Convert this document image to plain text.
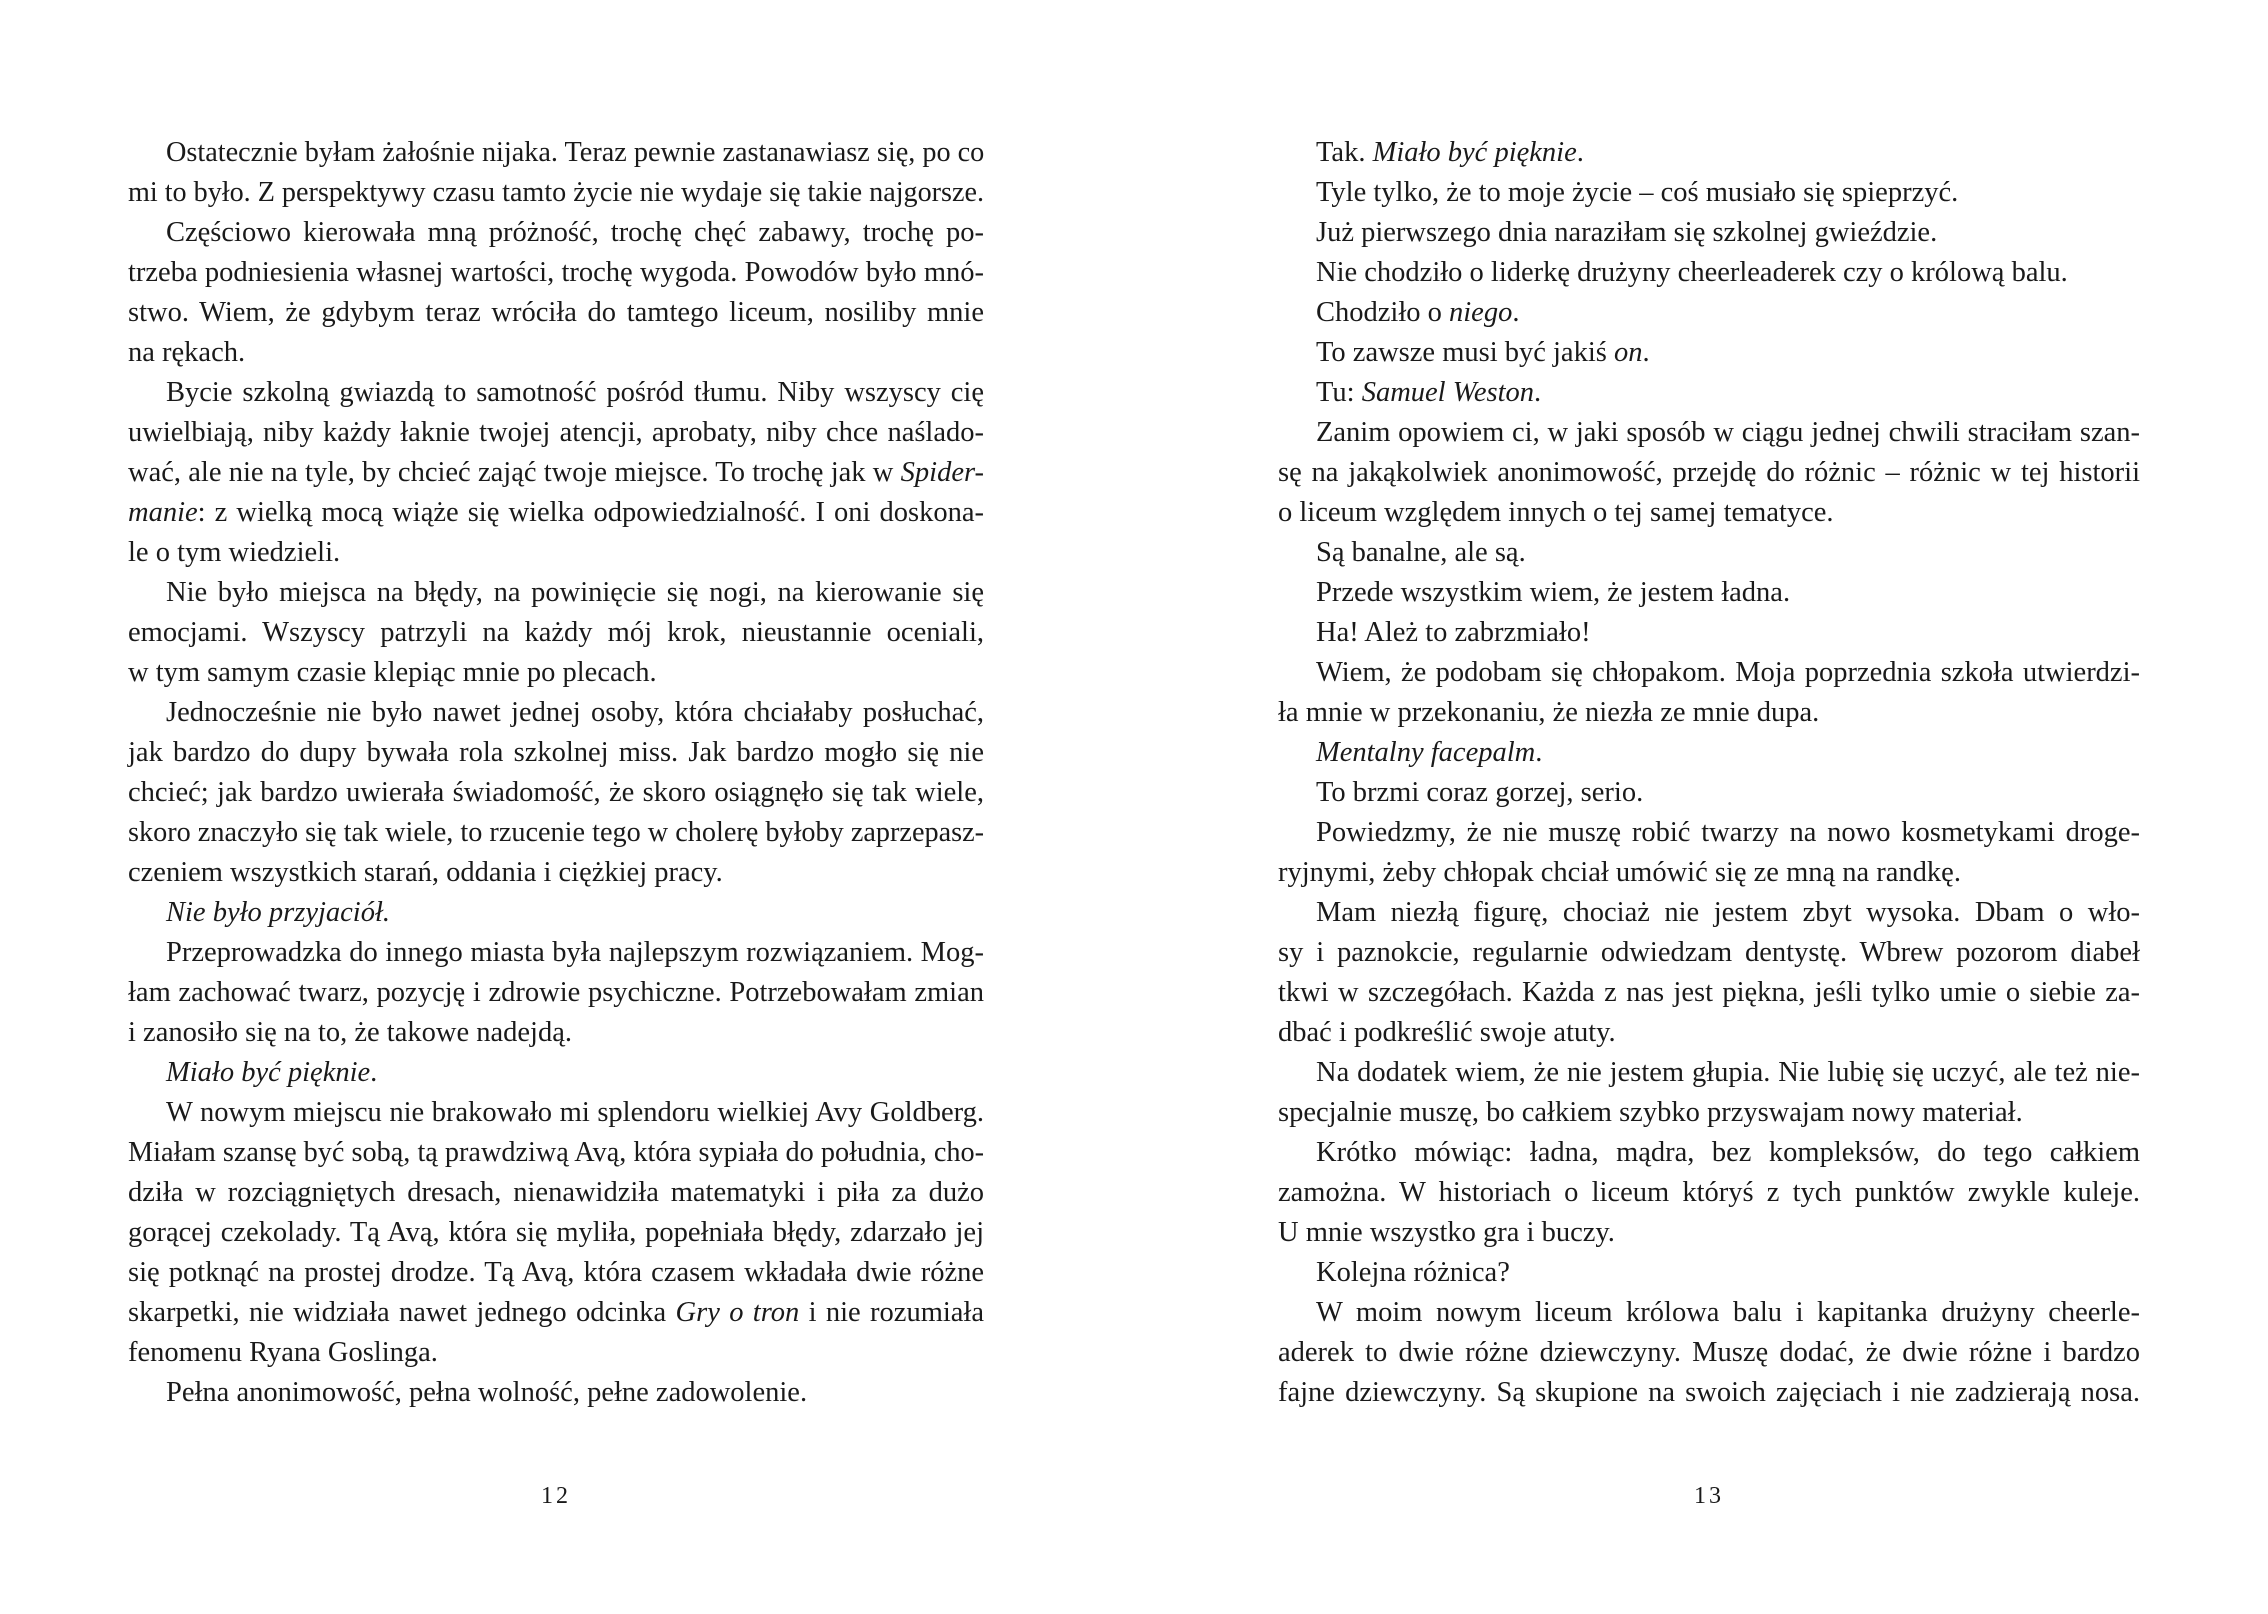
Ostatecznie byłam żałośnie nijaka. Teraz pewnie zastanawiasz się, po co
mi to było. Z perspektywy czasu tamto życie nie wydaje się takie najgorsze.
Częściowo kierowała mną próżność, trochę chęć zabawy, trochę po-
trzeba podniesienia własnej wartości, trochę wygoda. Powodów było mnó-
stwo. Wiem, że gdybym teraz wróciła do tamtego liceum, nosiliby mnie
na rękach.
Bycie szkolną gwiazdą to samotność pośród tłumu. Niby wszyscy cię
uwielbiają, niby każdy łaknie twojej atencji, aprobaty, niby chce naślado-
wać, ale nie na tyle, by chcieć zająć twoje miejsce. To trochę jak w Spider-
manie: z wielką mocą wiąże się wielka odpowiedzialność. I oni doskona-
le o tym wiedzieli.
Nie było miejsca na błędy, na powinięcie się nogi, na kierowanie się
emocjami. Wszyscy patrzyli na każdy mój krok, nieustannie oceniali,
w tym samym czasie klepiąc mnie po plecach.
Jednocześnie nie było nawet jednej osoby, która chciałaby posłuchać,
jak bardzo do dupy bywała rola szkolnej miss. Jak bardzo mogło się nie
chcieć; jak bardzo uwierała świadomość, że skoro osiągnęło się tak wiele,
skoro znaczyło się tak wiele, to rzucenie tego w cholerę byłoby zaprzepasz-
czeniem wszystkich starań, oddania i ciężkiej pracy.
Nie było przyjaciół.
Przeprowadzka do innego miasta była najlepszym rozwiązaniem. Mog-
łam zachować twarz, pozycję i zdrowie psychiczne. Potrzebowałam zmian
i zanosiło się na to, że takowe nadejdą.
Miało być pięknie.
W nowym miejscu nie brakowało mi splendoru wielkiej Avy Goldberg.
Miałam szansę być sobą, tą prawdziwą Avą, która sypiała do południa, cho-
dziła w rozciągniętych dresach, nienawidziła matematyki i piła za dużo
gorącej czekolady. Tą Avą, która się myliła, popełniała błędy, zdarzało jej
się potknąć na prostej drodze. Tą Avą, która czasem wkładała dwie różne
skarpetki, nie widziała nawet jednego odcinka Gry o tron i nie rozumiała
fenomenu Ryana Goslinga.
Pełna anonimowość, pełna wolność, pełne zadowolenie.
12
Tak. Miało być pięknie.
Tyle tylko, że to moje życie – coś musiało się spieprzyć.
Już pierwszego dnia naraziłam się szkolnej gwieździe.
Nie chodziło o liderkę drużyny cheerleaderek czy o królową balu.
Chodziło o niego.
To zawsze musi być jakiś on.
Tu: Samuel Weston.
Zanim opowiem ci, w jaki sposób w ciągu jednej chwili straciłam szan-
sę na jakąkolwiek anonimowość, przejdę do różnic – różnic w tej historii
o liceum względem innych o tej samej tematyce.
Są banalne, ale są.
Przede wszystkim wiem, że jestem ładna.
Ha! Ależ to zabrzmiało!
Wiem, że podobam się chłopakom. Moja poprzednia szkoła utwierdzi-
ła mnie w przekonaniu, że niezła ze mnie dupa.
Mentalny facepalm.
To brzmi coraz gorzej, serio.
Powiedzmy, że nie muszę robić twarzy na nowo kosmetykami droge-
ryjnymi, żeby chłopak chciał umówić się ze mną na randkę.
Mam niezłą figurę, chociaż nie jestem zbyt wysoka. Dbam o wło-
sy i paznokcie, regularnie odwiedzam dentystę. Wbrew pozorom diabeł
tkwi w szczegółach. Każda z nas jest piękna, jeśli tylko umie o siebie za-
dbać i podkreślić swoje atuty.
Na dodatek wiem, że nie jestem głupia. Nie lubię się uczyć, ale też nie-
specjalnie muszę, bo całkiem szybko przyswajam nowy materiał.
Krótko mówiąc: ładna, mądra, bez kompleksów, do tego całkiem
zamożna. W historiach o liceum któryś z tych punktów zwykle kuleje.
U mnie wszystko gra i buczy.
Kolejna różnica?
W moim nowym liceum królowa balu i kapitanka drużyny cheerle-
aderek to dwie różne dziewczyny. Muszę dodać, że dwie różne i bardzo
fajne dziewczyny. Są skupione na swoich zajęciach i nie zadzierają nosa.
13
